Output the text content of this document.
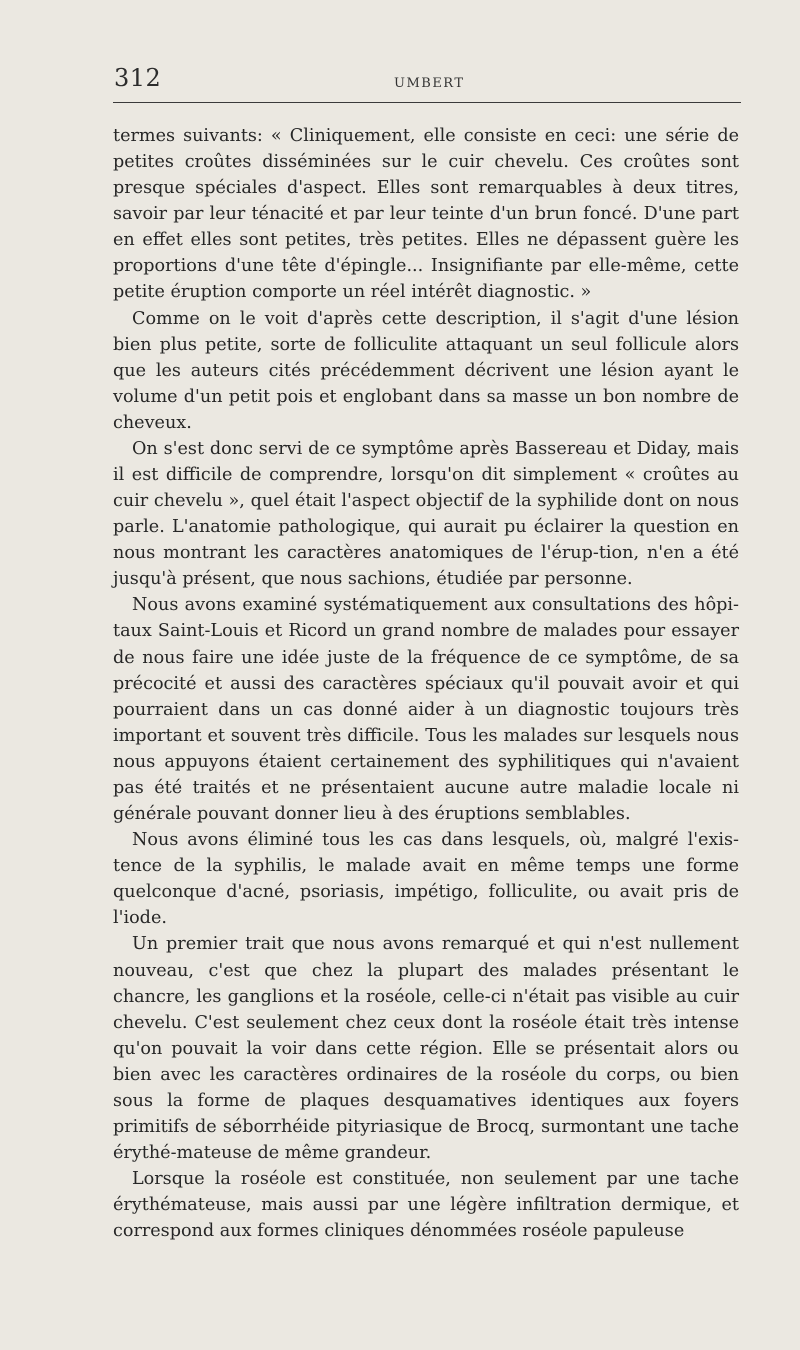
312	UMBERT

termes suivants: « Cliniquement, elle consiste en ceci: une série de petites croûtes disséminées sur le cuir chevelu. Ces croûtes sont presque spéciales d'aspect. Elles sont remarquables à deux titres, savoir par leur ténacité et par leur teinte d'un brun foncé. D'une part en effet elles sont petites, très petites. Elles ne dépassent guère les proportions d'une tête d'épingle... Insignifiante par elle-même, cette petite éruption comporte un réel intérêt diagnostic. »

Comme on le voit d'après cette description, il s'agit d'une lésion bien plus petite, sorte de folliculite attaquant un seul follicule alors que les auteurs cités précédemment décrivent une lésion ayant le volume d'un petit pois et englobant dans sa masse un bon nombre de cheveux.

On s'est donc servi de ce symptôme après Bassereau et Diday, mais il est difficile de comprendre, lorsqu'on dit simplement « croûtes au cuir chevelu », quel était l'aspect objectif de la syphilide dont on nous parle. L'anatomie pathologique, qui aurait pu éclairer la question en nous montrant les caractères anatomiques de l'érup-tion, n'en a été jusqu'à présent, que nous sachions, étudiée par personne.

Nous avons examiné systématiquement aux consultations des hôpi-taux Saint-Louis et Ricord un grand nombre de malades pour essayer de nous faire une idée juste de la fréquence de ce symptôme, de sa précocité et aussi des caractères spéciaux qu'il pouvait avoir et qui pourraient dans un cas donné aider à un diagnostic toujours très important et souvent très difficile. Tous les malades sur lesquels nous nous appuyons étaient certainement des syphilitiques qui n'avaient pas été traités et ne présentaient aucune autre maladie locale ni générale pouvant donner lieu à des éruptions semblables.

Nous avons éliminé tous les cas dans lesquels, où, malgré l'exis-tence de la syphilis, le malade avait en même temps une forme quelconque d'acné, psoriasis, impétigo, folliculite, ou avait pris de l'iode.

Un premier trait que nous avons remarqué et qui n'est nullement nouveau, c'est que chez la plupart des malades présentant le chancre, les ganglions et la roséole, celle-ci n'était pas visible au cuir chevelu. C'est seulement chez ceux dont la roséole était très intense qu'on pouvait la voir dans cette région. Elle se présentait alors ou bien avec les caractères ordinaires de la roséole du corps, ou bien sous la forme de plaques desquamatives identiques aux foyers primitifs de séborrhéide pityriasique de Brocq, surmontant une tache érythé-mateuse de même grandeur.

Lorsque la roséole est constituée, non seulement par une tache érythémateuse, mais aussi par une légère infiltration dermique, et correspond aux formes cliniques dénommées roséole papuleuse
